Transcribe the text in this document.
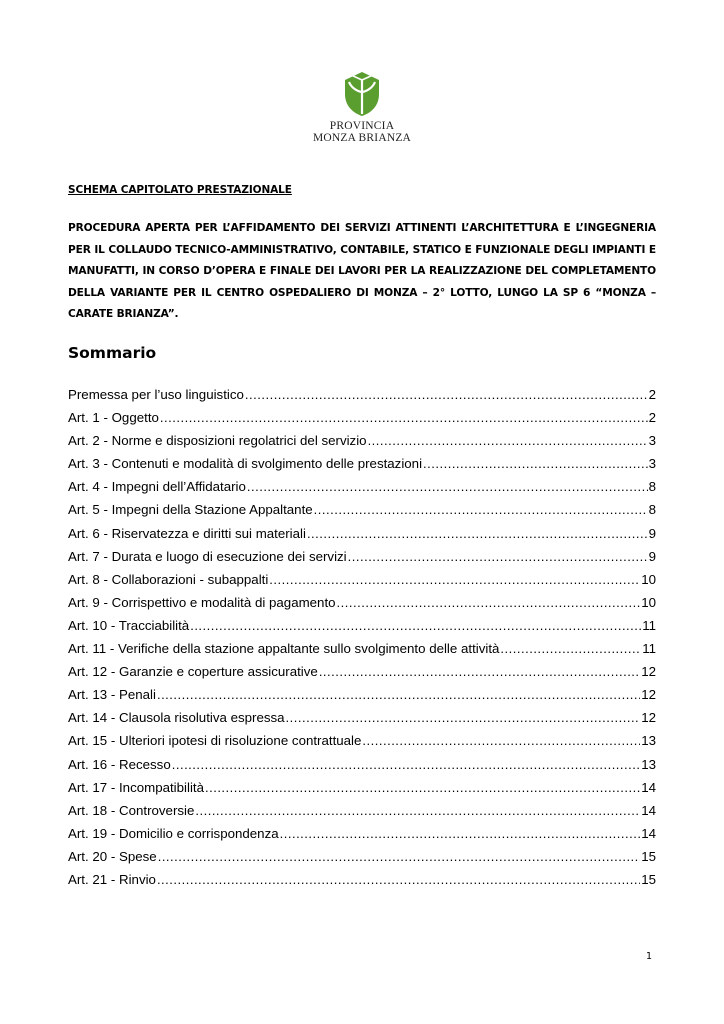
PROVINCIA
MONZA BRIANZA
SCHEMA CAPITOLATO PRESTAZIONALE
PROCEDURA APERTA PER L’AFFIDAMENTO DEI SERVIZI ATTINENTI L’ARCHITETTURA E L’INGEGNERIA PER IL COLLAUDO TECNICO-AMMINISTRATIVO, CONTABILE, STATICO E FUNZIONALE DEGLI IMPIANTI E MANUFATTI, IN CORSO D’OPERA E FINALE DEI LAVORI PER LA REALIZZAZIONE DEL COMPLETAMENTO DELLA VARIANTE PER IL CENTRO OSPEDALIERO DI MONZA – 2° LOTTO, LUNGO LA SP 6 “MONZA – CARATE BRIANZA”.
Sommario
Premessa per l’uso linguistico .....	2
Art. 1 - Oggetto .....	2
Art. 2 - Norme e disposizioni regolatrici del servizio .....	3
Art. 3 - Contenuti e modalità di svolgimento delle prestazioni .....	3
Art. 4 - Impegni dell’Affidatario .....	8
Art. 5 - Impegni della Stazione Appaltante .....	8
Art. 6 - Riservatezza e diritti sui materiali .....	9
Art. 7 - Durata e luogo di esecuzione dei servizi .....	9
Art. 8 - Collaborazioni - subappalti .....	10
Art. 9 - Corrispettivo e modalità di pagamento .....	10
Art. 10 - Tracciabilità .....	11
Art. 11 - Verifiche della stazione appaltante sullo svolgimento delle attività .....	11
Art. 12 - Garanzie e coperture assicurative .....	12
Art. 13 - Penali .....	12
Art. 14 - Clausola risolutiva espressa .....	12
Art. 15 - Ulteriori ipotesi di risoluzione contrattuale .....	13
Art. 16 - Recesso .....	13
Art. 17 - Incompatibilità .....	14
Art. 18 - Controversie .....	14
Art. 19 - Domicilio e corrispondenza .....	14
Art. 20 - Spese .....	15
Art. 21 - Rinvio .....	15
1
